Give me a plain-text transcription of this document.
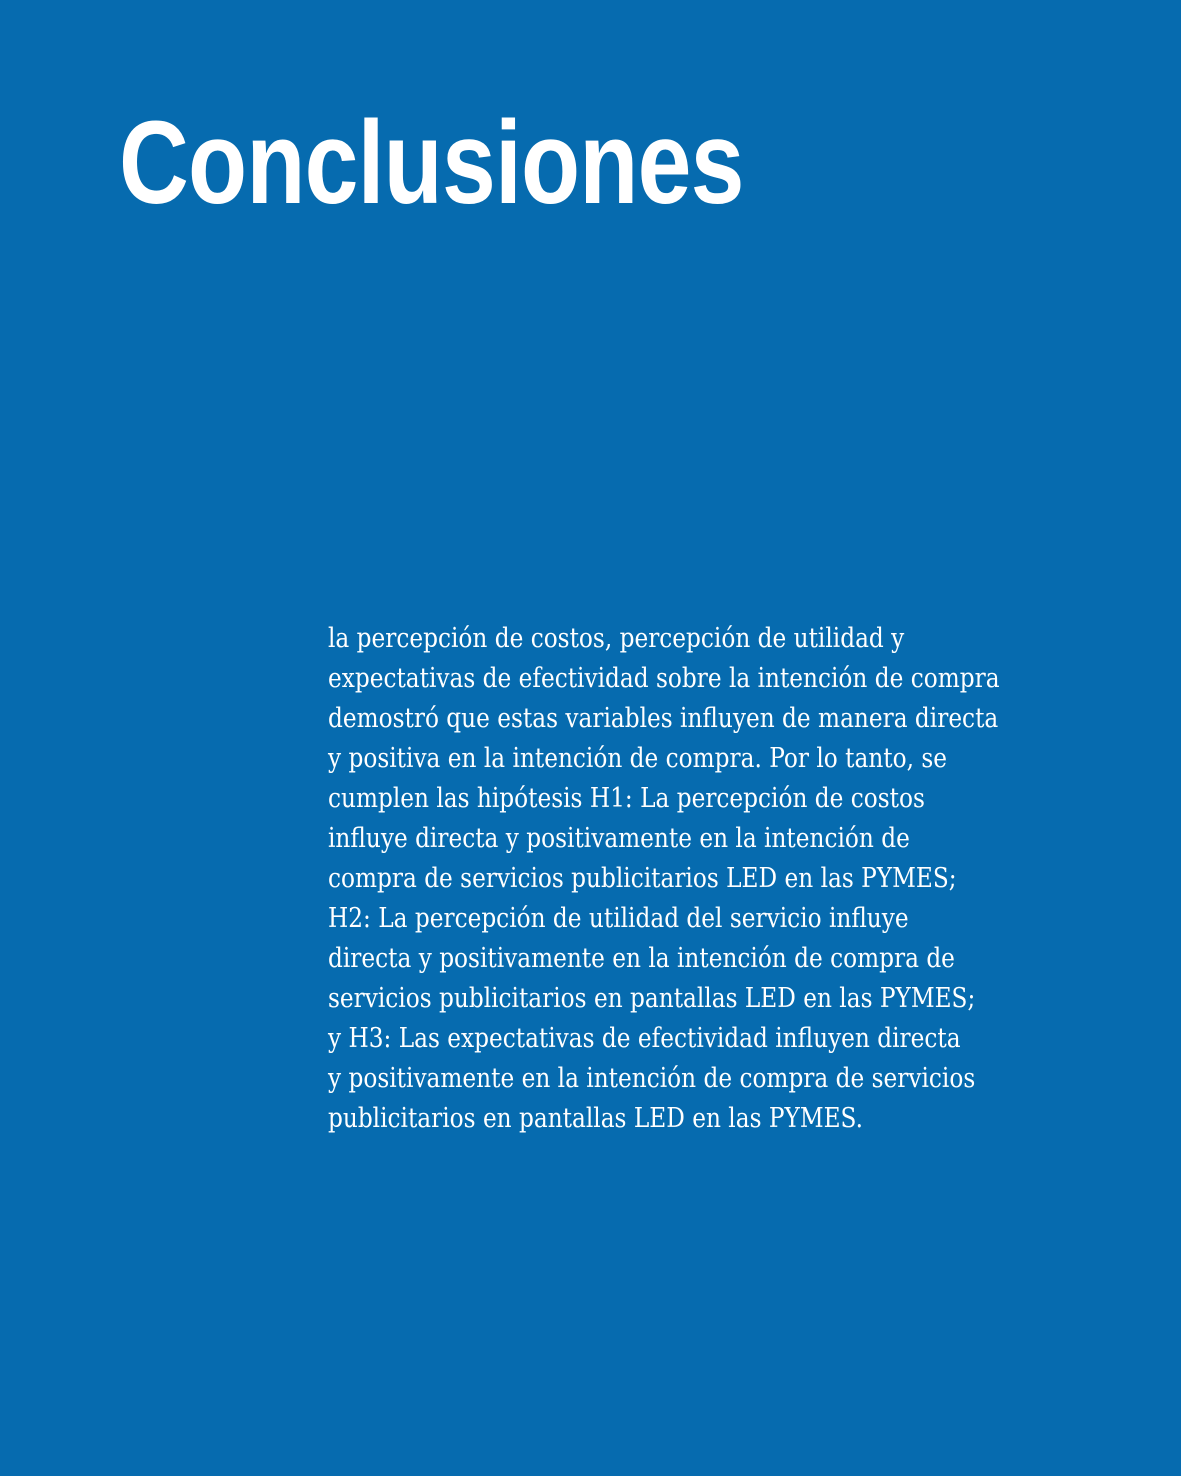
Conclusiones

la percepción de costos, percepción de utilidad y
expectativas de efectividad sobre la intención de compra
demostró que estas variables influyen de manera directa
y positiva en la intención de compra. Por lo tanto, se
cumplen las hipótesis H1: La percepción de costos
influye directa y positivamente en la intención de
compra de servicios publicitarios LED en las PYMES;
H2: La percepción de utilidad del servicio influye
directa y positivamente en la intención de compra de
servicios publicitarios en pantallas LED en las PYMES;
y H3: Las expectativas de efectividad influyen directa
y positivamente en la intención de compra de servicios
publicitarios en pantallas LED en las PYMES.
